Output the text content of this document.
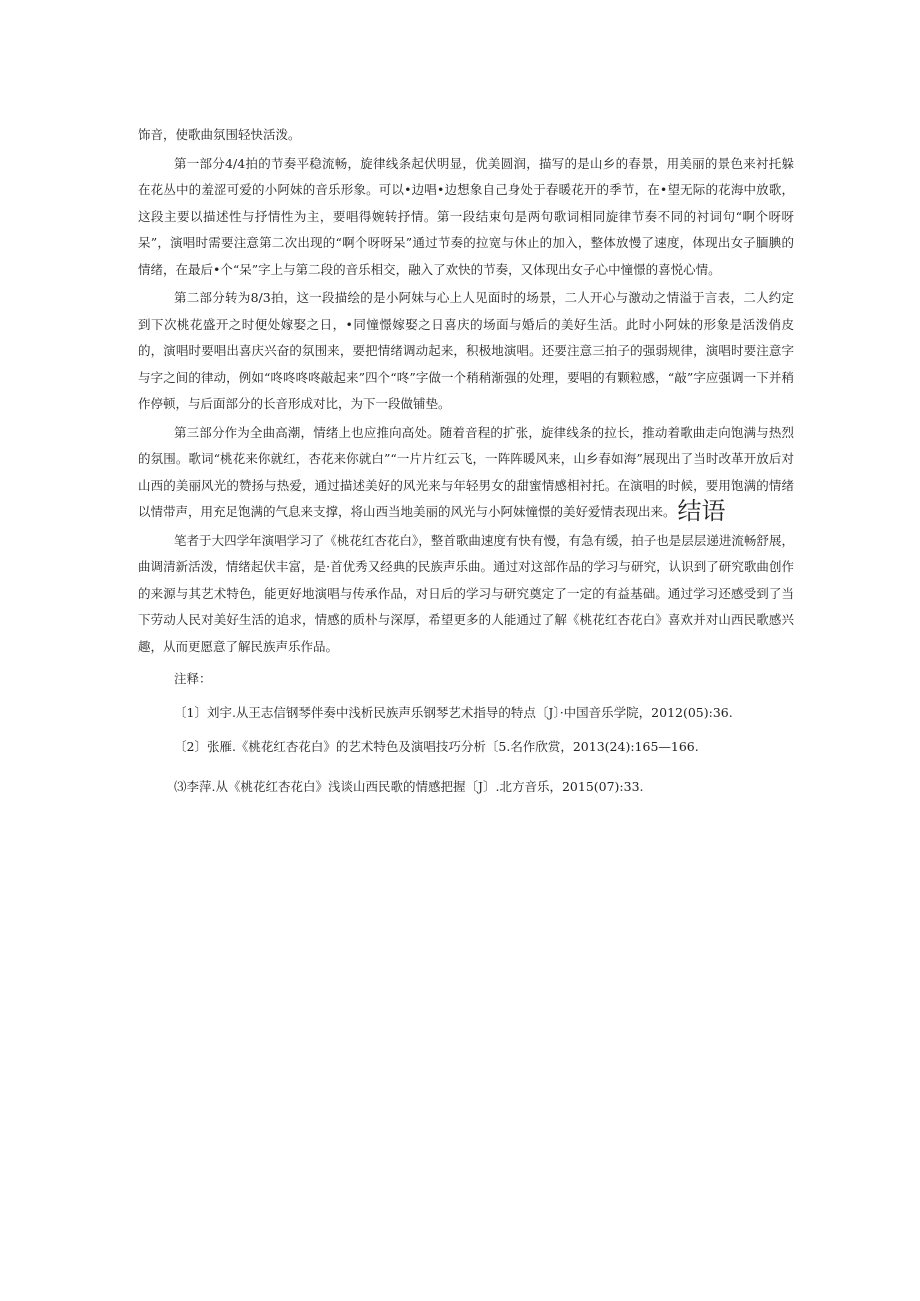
饰音，使歌曲氛围轻快活泼。

第一部分4/4拍的节奏平稳流畅，旋律线条起伏明显，优美圆润，描写的是山乡的春景，用美丽的景色来衬托躲在花丛中的羞涩可爱的小阿妹的音乐形象。可以•边唱•边想象自己身处于春暖花开的季节，在•望无际的花海中放歌，这段主要以描述性与抒情性为主，要唱得婉转抒情。第一段结束句是两句歌词相同旋律节奏不同的衬词句“啊个呀呀呆”，演唱时需要注意第二次出现的“啊个呀呀呆”通过节奏的拉宽与休止的加入，整体放慢了速度，体现出女子腼腆的情绪，在最后•个“呆”字上与第二段的音乐相交，融入了欢快的节奏，又体现出女子心中憧憬的喜悦心情。

第二部分转为8/3拍，这一段描绘的是小阿妹与心上人见面时的场景，二人开心与激动之情溢于言表，二人约定到下次桃花盛开之时便处嫁娶之日，•同憧憬嫁娶之日喜庆的场面与婚后的美好生活。此时小阿妹的形象是活泼俏皮的，演唱时要唱出喜庆兴奋的氛围来，要把情绪调动起来，积极地演唱。还要注意三拍子的强弱规律，演唱时要注意字与字之间的律动，例如“咚咚咚咚敲起来”四个“咚”字做一个稍稍渐强的处理，要唱的有颗粒感，“敲”字应强调一下并稍作停顿，与后面部分的长音形成对比，为下一段做铺垫。

第三部分作为全曲高潮，情绪上也应推向高处。随着音程的扩张，旋律线条的拉长，推动着歌曲走向饱满与热烈的氛围。歌词“桃花来你就红，杏花来你就白”“一片片红云飞，一阵阵暖风来，山乡春如海”展现出了当时改革开放后对山西的美丽风光的赞扬与热爱，通过描述美好的风光来与年轻男女的甜蜜情感相衬托。在演唱的时候，要用饱满的情绪以情带声，用充足饱满的气息来支撑，将山西当地美丽的风光与小阿妹憧憬的美好爱情表现出来。结语

笔者于大四学年演唱学习了《桃花红杏花白》，整首歌曲速度有快有慢，有急有缓，拍子也是层层递进流畅舒展，曲调清新活泼，情绪起伏丰富，是·首优秀又经典的民族声乐曲。通过对这部作品的学习与研究，认识到了研究歌曲创作的来源与其艺术特色，能更好地演唱与传承作品，对日后的学习与研究奠定了一定的有益基础。通过学习还感受到了当下劳动人民对美好生活的追求，情感的质朴与深厚，希望更多的人能通过了解《桃花红杏花白》喜欢并对山西民歌感兴趣，从而更愿意了解民族声乐作品。

注释：
〔1〕刘宇.从王志信钢琴伴奏中浅析民族声乐钢琴艺术指导的特点〔J〕·中国音乐学院，2012(05):36.
〔2〕张雁.《桃花红杏花白》的艺术特色及演唱技巧分析〔5.名作欣赏，2013(24):165—166.
⑶李萍.从《桃花红杏花白》浅谈山西民歌的情感把握〔J〕.北方音乐，2015(07):33.
